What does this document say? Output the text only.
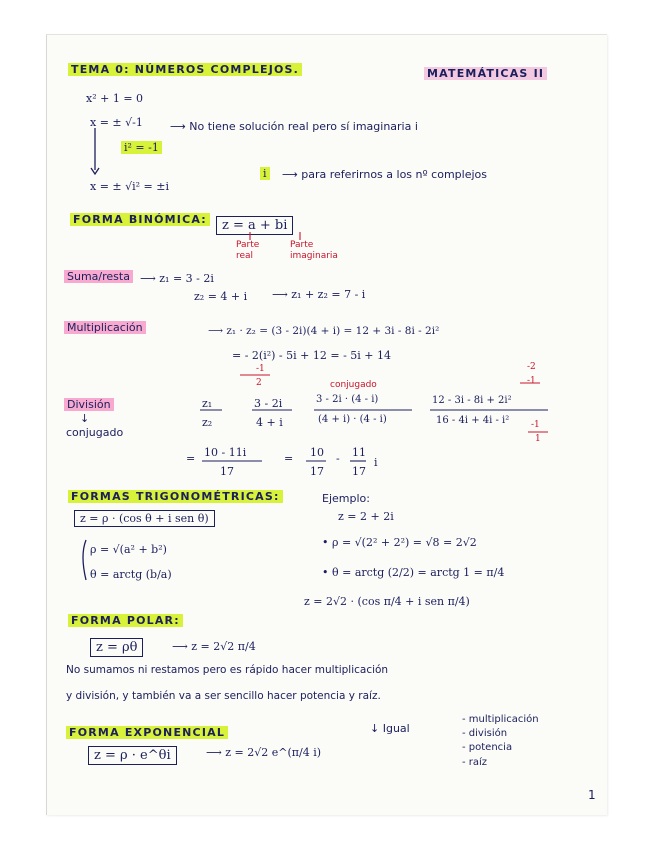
TEMA 0: NÚMEROS COMPLEJOS.	MATEMÁTICAS II
x² + 1 = 0
x = ± √-1 ⟶ No tiene solución real pero sí imaginaria i
i² = -1
i ⟶ para referirnos a los nº complejos
x = ± √i² = ±i
FORMA BINÓMICA:	z = a + bi
Parte real
Parte imaginaria
Suma/resta ⟶ z₁ = 3 - 2i
z₂ = 4 + i ⟶ z₁ + z₂ = 7 - i
Multiplicación	⟶ z₁ · z₂ = (3 - 2i)(4 + i) = 12 + 3i - 8i - 2i²
= - 2(i²) - 5i + 12 = - 5i + 14
-1
2
División
↓
conjugado
conjugado
z₁
z₂
3 - 2i
4 + i
3 - 2i · (4 - i)
(4 + i) · (4 - i)
12 - 3i - 8i + 2i²
16 - 4i + 4i - i²
-2
-1
-1
1
= 10 - 11i
17
= 10
17
- 11
17
i
FORMAS TRIGONOMÉTRICAS:
z = ρ · (cos θ + i sen θ)
ρ = √(a² + b²)
θ = arctg (b/a)
Ejemplo:
z = 2 + 2i
• ρ = √(2² + 2²) = √8 = 2√2
• θ = arctg (2/2) = arctg 1 = π/4
z = 2√2 · (cos π/4 + i sen π/4)
FORMA POLAR:
z = ρθ	⟶ z = 2√2 π/4
No sumamos ni restamos pero es rápido hacer multiplicación
y división, y también va a ser sencillo hacer potencia y raíz.
FORMA EXPONENCIAL
z = ρ · e^θi	⟶ z = 2√2 e^(π/4 i)
↓ Igual
- multiplicación
- división
- potencia
- raíz
1
